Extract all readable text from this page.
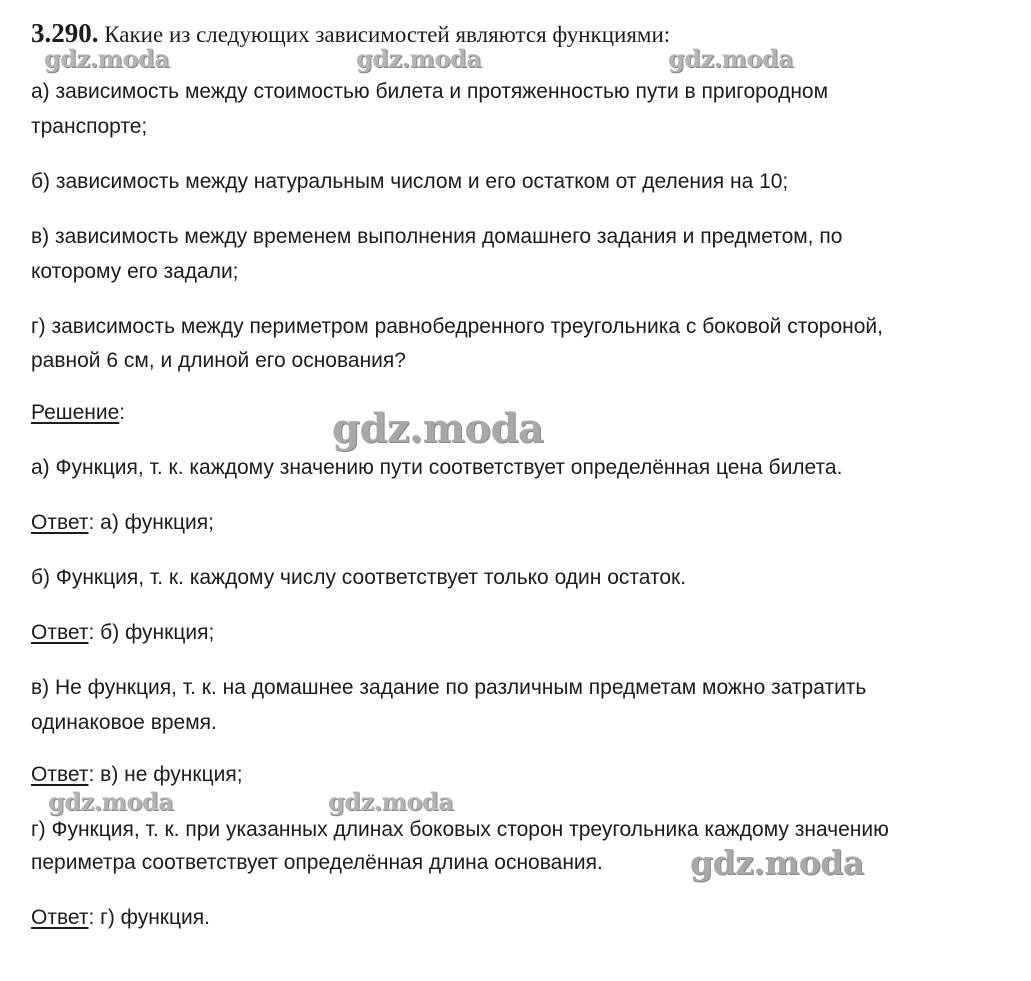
3.290. Какие из следующих зависимостей являются функциями:
а) зависимость между стоимостью билета и протяженностью пути в пригородном
транспорте;
б) зависимость между натуральным числом и его остатком от деления на 10;
в) зависимость между временем выполнения домашнего задания и предметом, по
которому его задали;
г) зависимость между периметром равнобедренного треугольника с боковой стороной,
равной 6 см, и длиной его основания?
Решение:
а) Функция, т. к. каждому значению пути соответствует определённая цена билета.
Ответ: а) функция;
б) Функция, т. к. каждому числу соответствует только один остаток.
Ответ: б) функция;
в) Не функция, т. к. на домашнее задание по различным предметам можно затратить
одинаковое время.
Ответ: в) не функция;
г) Функция, т. к. при указанных длинах боковых сторон треугольника каждому значению
периметра соответствует определённая длина основания.
Ответ: г) функция.
gdz.moda	gdz.moda	gdz.moda
gdz.moda
gdz.moda	gdz.moda
gdz.moda
